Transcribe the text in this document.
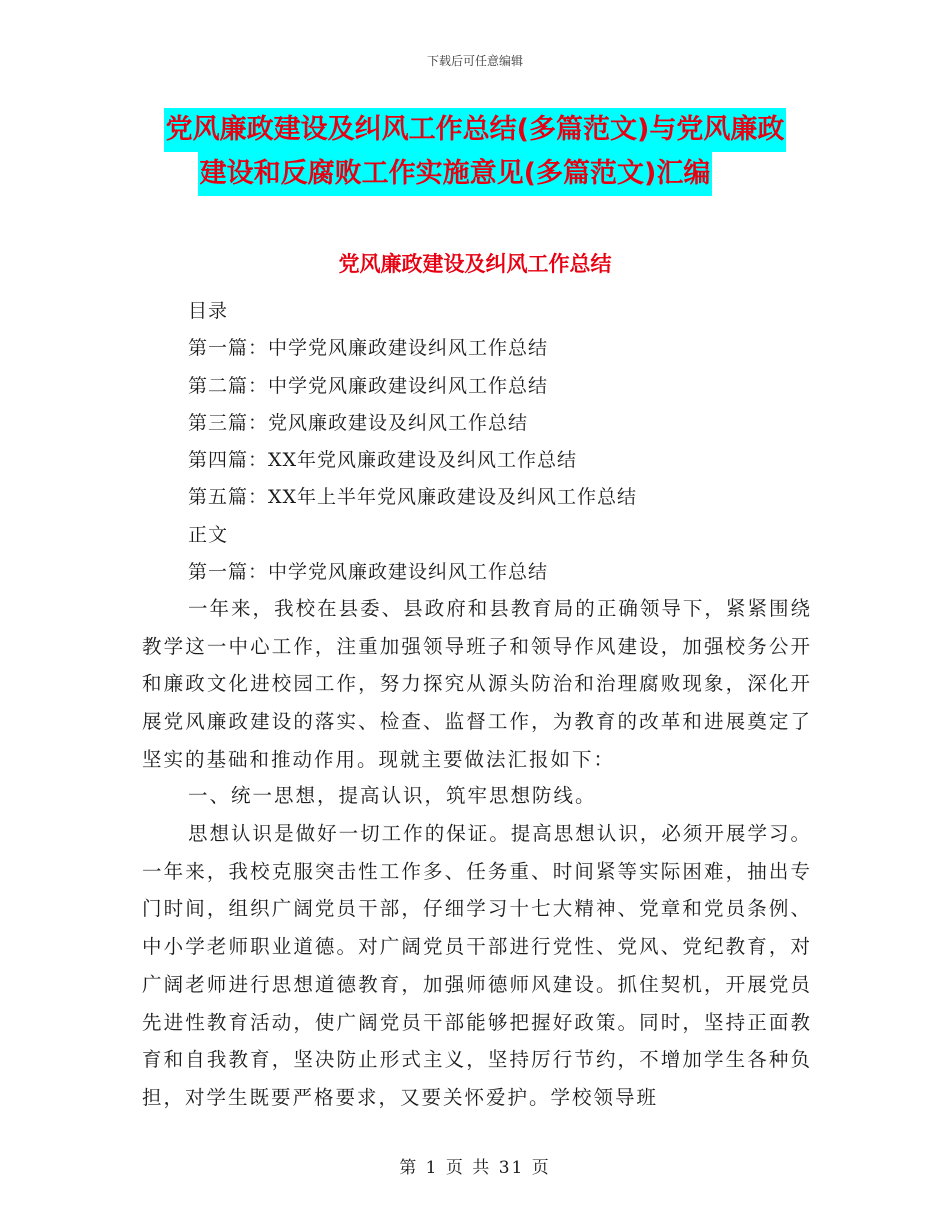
下载后可任意编辑
党风廉政建设及纠风工作总结(多篇范文)与党风廉政
建设和反腐败工作实施意见(多篇范文)汇编
党风廉政建设及纠风工作总结
目录
第一篇：中学党风廉政建设纠风工作总结
第二篇：中学党风廉政建设纠风工作总结
第三篇：党风廉政建设及纠风工作总结
第四篇：XX年党风廉政建设及纠风工作总结
第五篇：XX年上半年党风廉政建设及纠风工作总结
正文
第一篇：中学党风廉政建设纠风工作总结

一年来，我校在县委、县政府和县教育局的正确领导下，紧紧围绕教学这一中心工作，注重加强领导班子和领导作风建设，加强校务公开和廉政文化进校园工作，努力探究从源头防治和治理腐败现象，深化开展党风廉政建设的落实、检查、监督工作，为教育的改革和进展奠定了坚实的基础和推动作用。现就主要做法汇报如下：

一、统一思想，提高认识，筑牢思想防线。

思想认识是做好一切工作的保证。提高思想认识，必须开展学习。一年来，我校克服突击性工作多、任务重、时间紧等实际困难，抽出专门时间，组织广阔党员干部，仔细学习十七大精神、党章和党员条例、中小学老师职业道德。对广阔党员干部进行党性、党风、党纪教育，对广阔老师进行思想道德教育，加强师德师风建设。抓住契机，开展党员先进性教育活动，使广阔党员干部能够把握好政策。同时，坚持正面教育和自我教育，坚决防止形式主义，坚持厉行节约，不增加学生各种负担，对学生既要严格要求，又要关怀爱护。学校领导班

第 1 页 共 31 页
